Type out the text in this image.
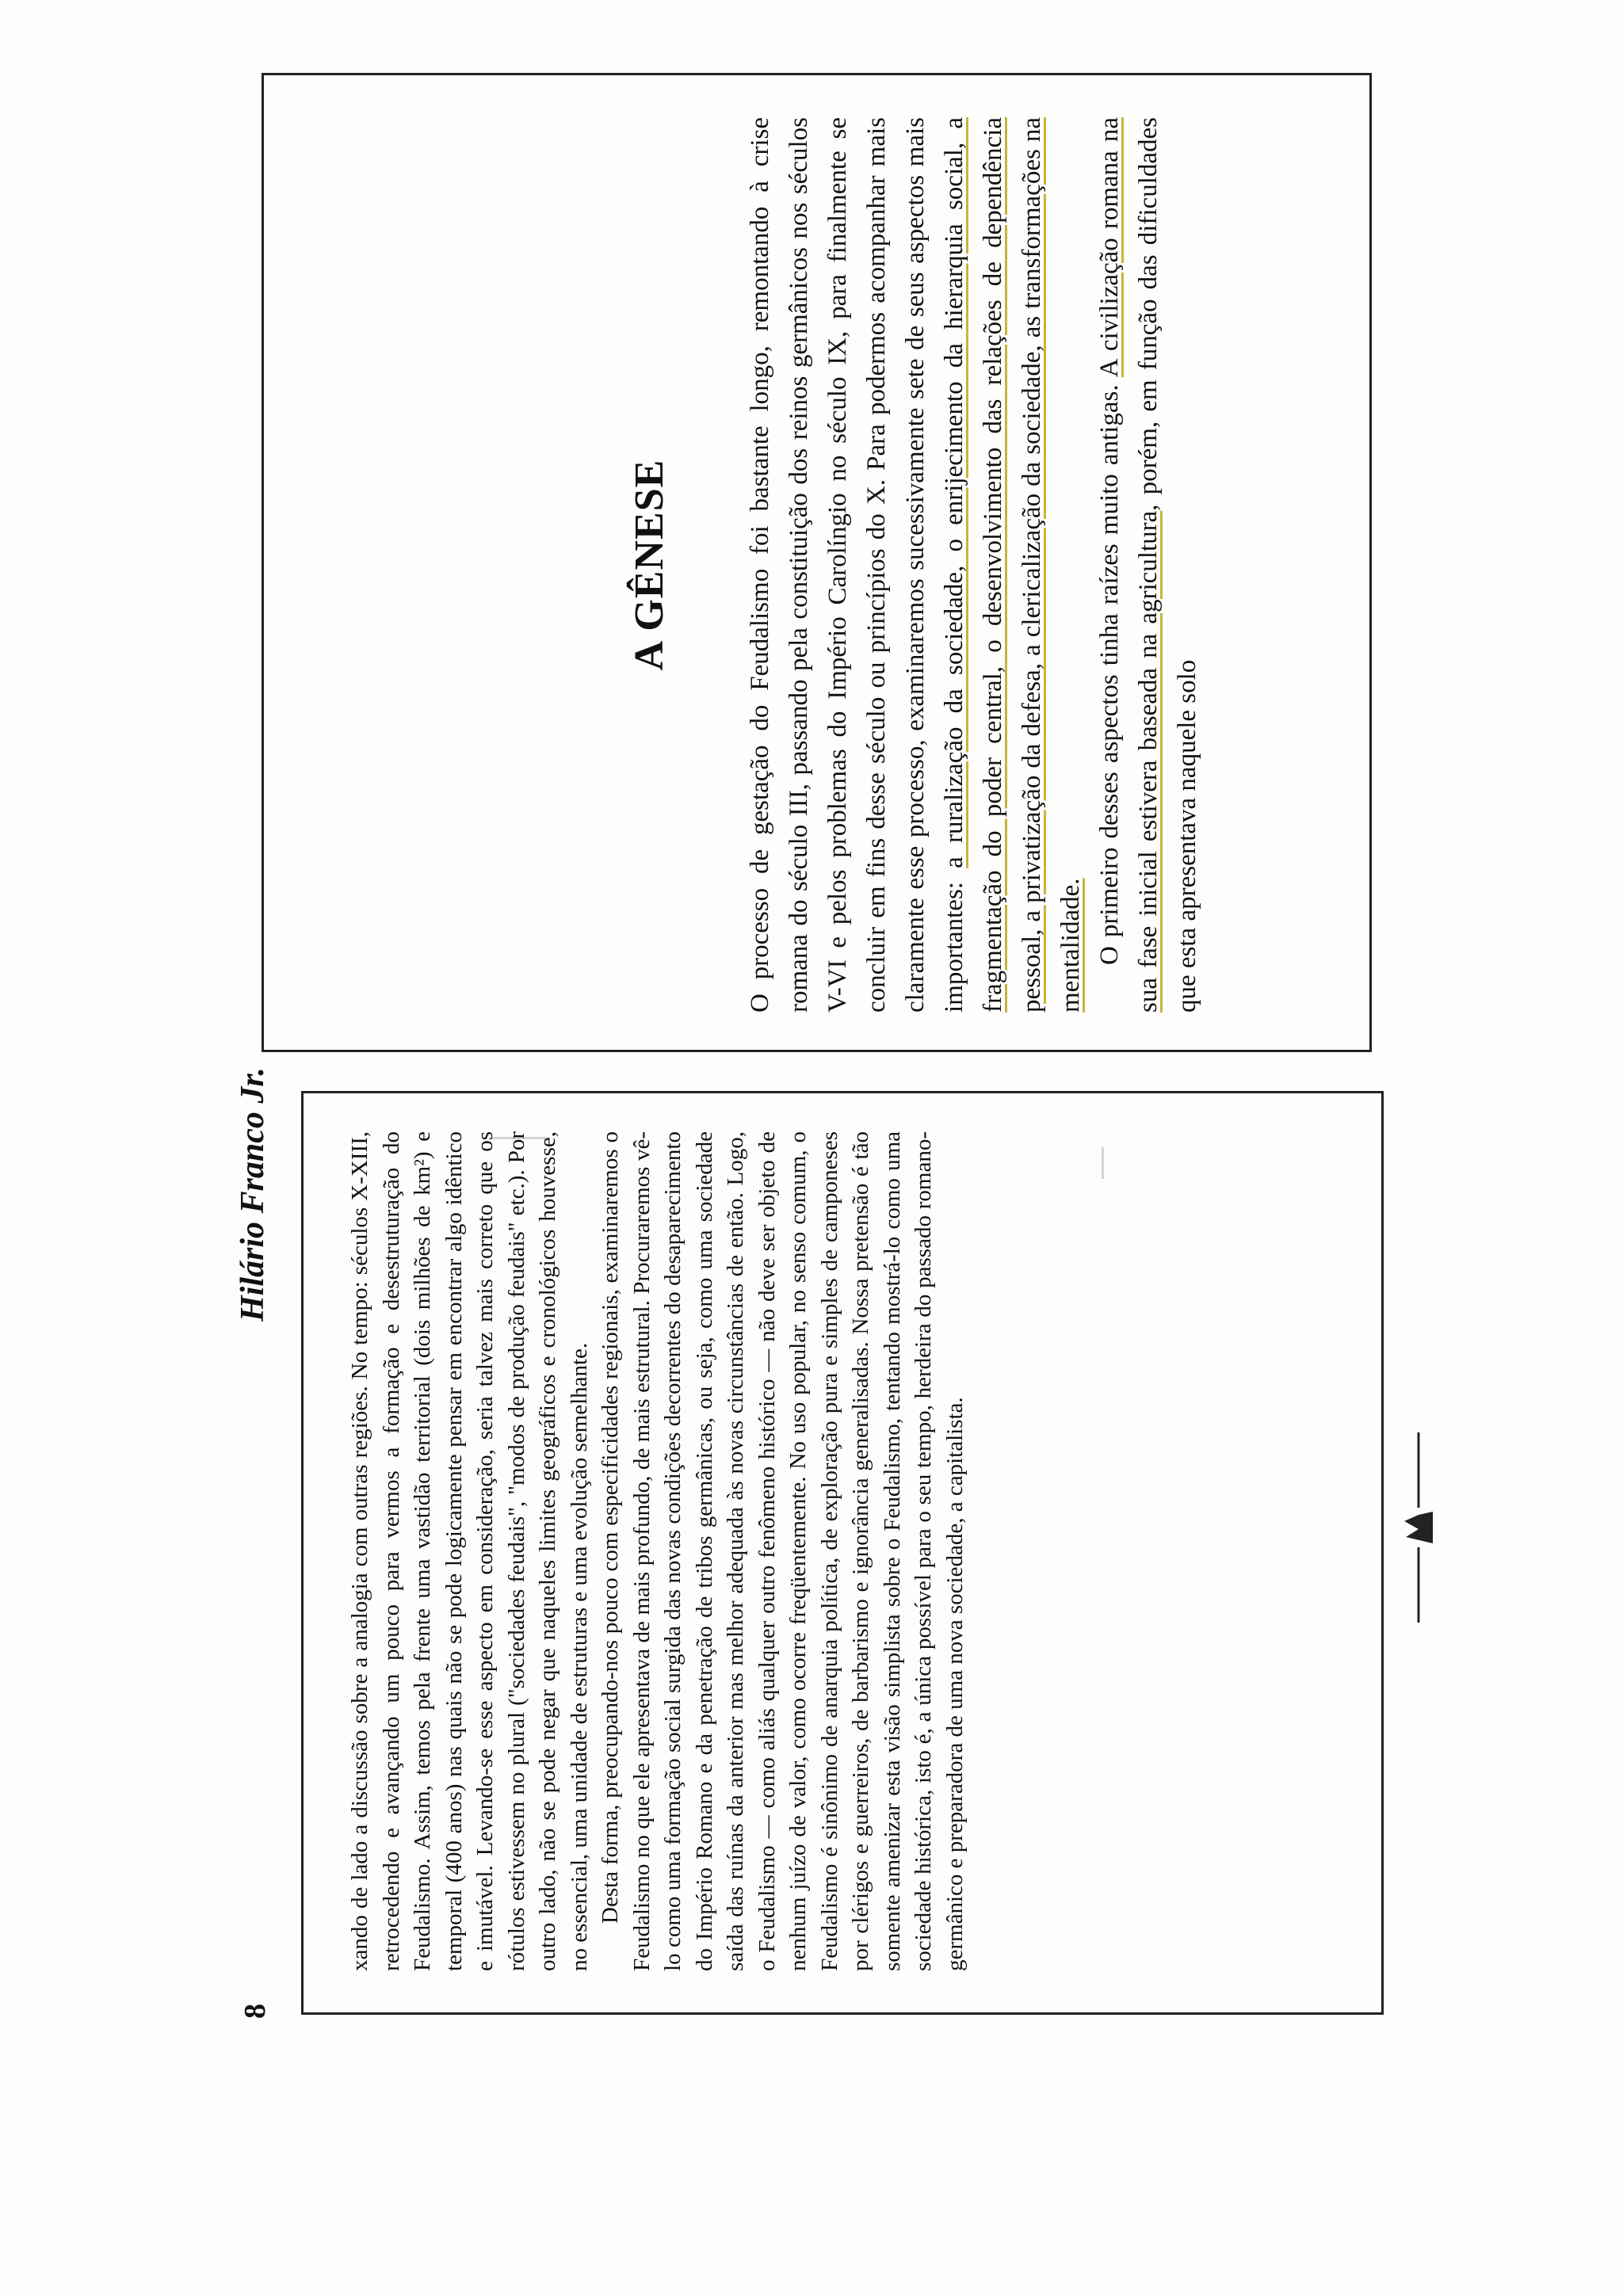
8
Hilário Franco Jr.	xando de lado a discussão sobre a analogia com outras regiões. No tempo: séculos X-XIII, retrocedendo e avançando um pouco para vermos a formação e desestruturação do Feudalismo. Assim, temos pela frente uma vastidão territorial (dois milhões de km²) e temporal (400 anos) nas quais não se pode logicamente pensar em encontrar algo idêntico e imutável. Levando-se esse aspecto em consideração, seria talvez mais correto que os rótulos estivessem no plural ("sociedades feudais", "modos de produção feudais" etc.). Por outro lado, não se pode negar que naqueles limites geográficos e cronológicos houvesse, no essencial, uma unidade de estruturas e uma evolução semelhante. Desta forma, preocupando-nos pouco com especificidades regionais, examinaremos o Feudalismo no que ele apresentava de mais profundo, de mais estrutural. Procuraremos vê-lo como uma formação social surgida das novas condições decorrentes do desaparecimento do Império Romano e da penetração de tribos germânicas, ou seja, como uma sociedade saída das ruínas da anterior mas melhor adequada às novas circunstâncias de então. Logo, o Feudalismo — como aliás qualquer outro fenômeno histórico — não deve ser objeto de nenhum juízo de valor, como ocorre freqüentemente. No uso popular, no senso comum, o Feudalismo é sinônimo de anarquia política, de exploração pura e simples de camponeses por clérigos e guerreiros, de barbarismo e ignorância generalisadas. Nossa pretensão é tão somente amenizar esta visão simplista sobre o Feudalismo, tentando mostrá-lo como uma sociedade histórica, isto é, a única possível para o seu tempo, herdeira do passado romano-germânico e preparadora de uma nova sociedade, a capitalista.

A GÊNESE	O processo de gestação do Feudalismo foi bastante longo, remontando à crise romana do século III, passando pela constituição dos reinos germânicos nos séculos V-VI e pelos problemas do Império Carolíngio no século IX, para finalmente se concluir em fins desse século ou princípios do X. Para podermos acompanhar mais claramente esse processo, examinaremos sucessivamente sete de seus aspectos mais importantes: a ruralização da sociedade, o enrijecimento da hierarquia social, a fragmentação do poder central, o desenvolvimento das relações de dependência pessoal, a privatização da defesa, a clericalização da sociedade, as transformações na mentalidade. O primeiro desses aspectos tinha raízes muito antigas. A civilização romana na sua fase inicial estivera baseada na agricultura, porém, em função das dificuldades que esta apresentava naquele solo
